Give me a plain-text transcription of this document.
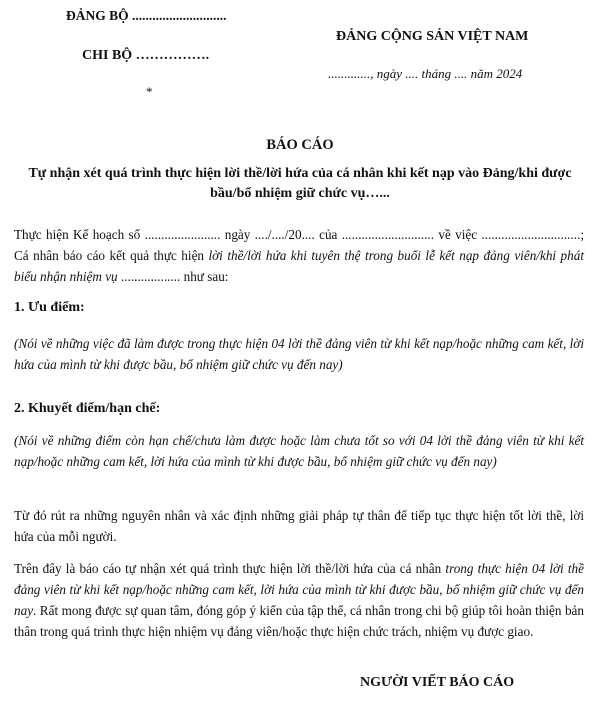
ĐẢNG BỘ ............................
CHI BỘ …………….
*
ĐẢNG CỘNG SẢN VIỆT NAM
............., ngày .... tháng .... năm 2024
BÁO CÁO
Tự nhận xét quá trình thực hiện lời thề/lời hứa của cá nhân khi kết nạp vào Đảng/khi được
bầu/bổ nhiệm giữ chức vụ…...
Thực hiện Kế hoạch số ....................... ngày ..../..../20.... của ............................ về việc ..............................; Cá nhân báo cáo kết quả thực hiện lời thề/lời hứa khi tuyên thệ trong buổi lễ kết nạp đảng viên/khi phát biểu nhận nhiệm vụ .................. như sau:
1. Ưu điểm:
(Nói về những việc đã làm được trong thực hiện 04 lời thề đảng viên từ khi kết nạp/hoặc những cam kết, lời hứa của mình từ khi được bầu, bổ nhiệm giữ chức vụ đến nay)
2. Khuyết điểm/hạn chế:
(Nói về những điểm còn hạn chế/chưa làm được hoặc làm chưa tốt so với 04 lời thề đảng viên từ khi kết nạp/hoặc những cam kết, lời hứa của mình từ khi được bầu, bổ nhiệm giữ chức vụ đến nay)
Từ đó rút ra những nguyên nhân và xác định những giải pháp tự thân để tiếp tục thực hiện tốt lời thề, lời hứa của mỗi người.
Trên đây là báo cáo tự nhận xét quá trình thực hiện lời thề/lời hứa của cá nhân trong thực hiện 04 lời thề đảng viên từ khi kết nạp/hoặc những cam kết, lời hứa của mình từ khi được bầu, bổ nhiệm giữ chức vụ đến nay. Rất mong được sự quan tâm, đóng góp ý kiến của tập thể, cá nhân trong chi bộ giúp tôi hoàn thiện bản thân trong quá trình thực hiện nhiệm vụ đảng viên/hoặc thực hiện chức trách, nhiệm vụ được giao.
NGƯỜI VIẾT BÁO CÁO
